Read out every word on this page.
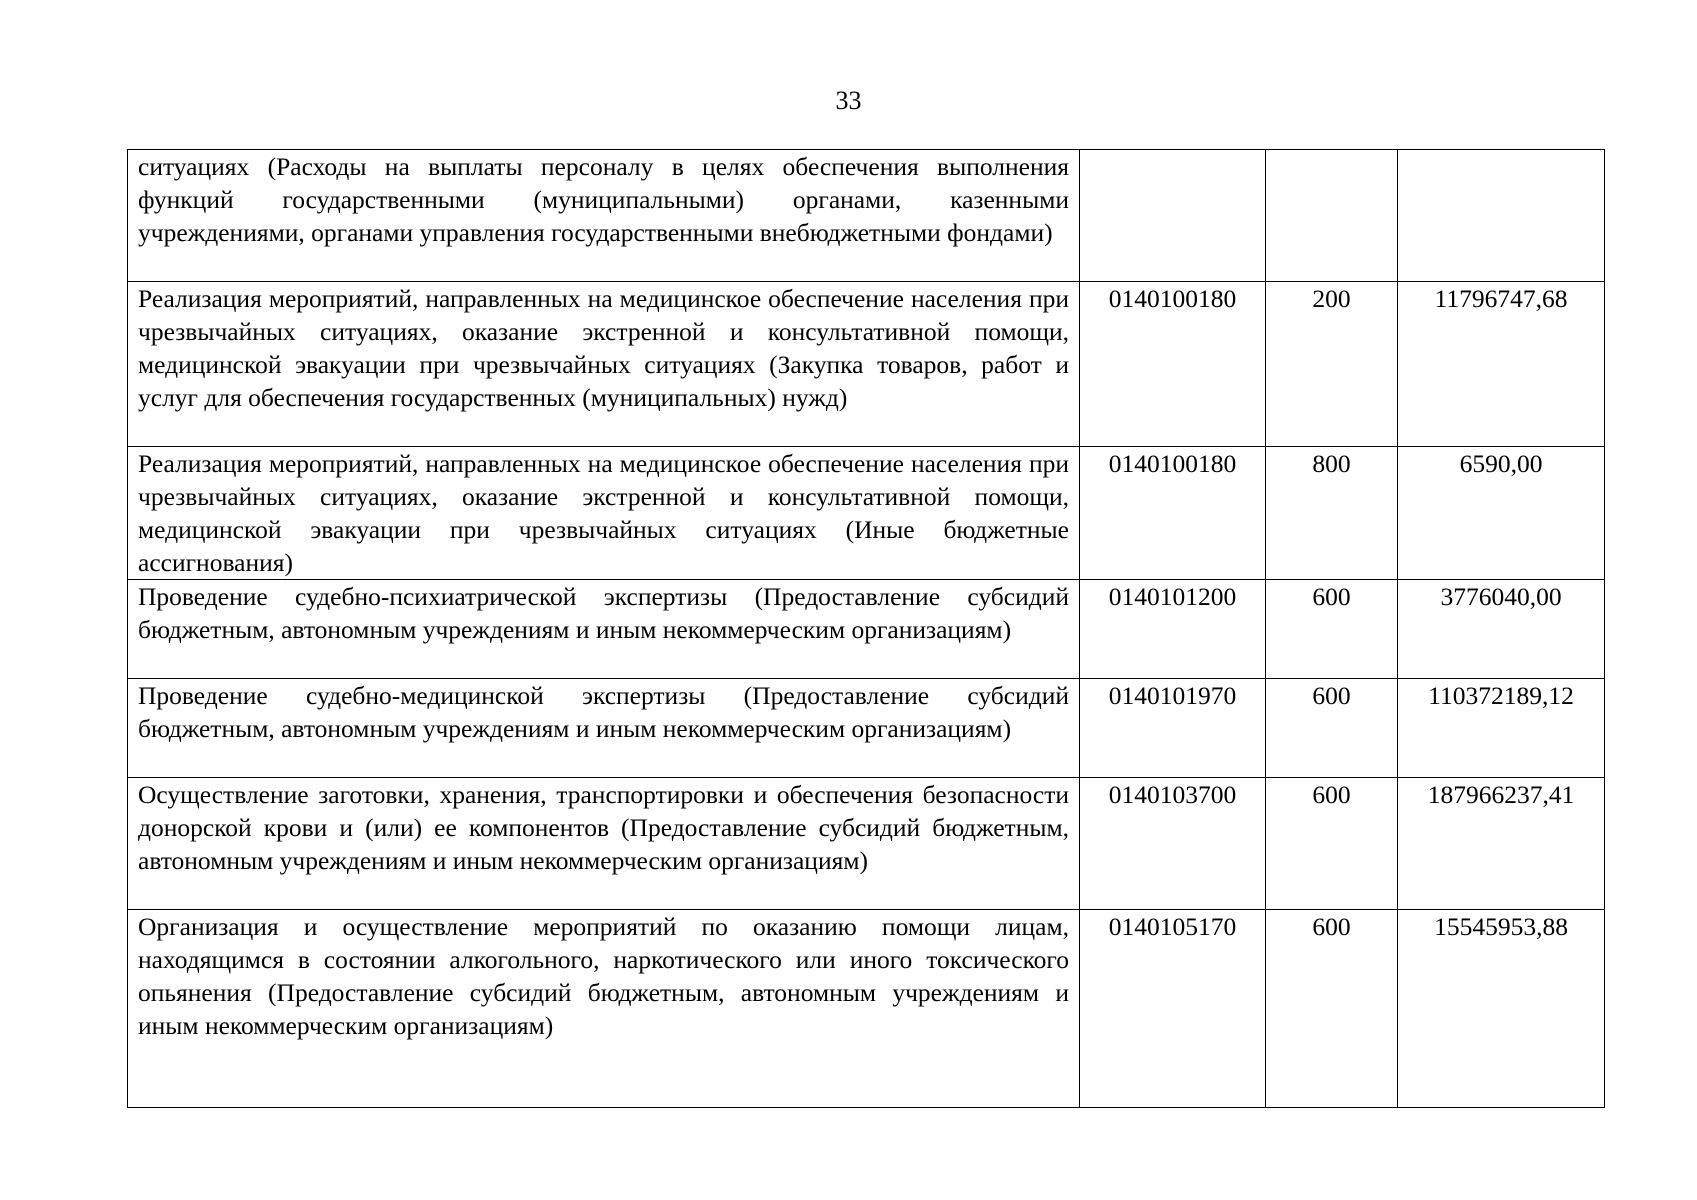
33
ситуациях (Расходы на выплаты персоналу в целях обеспечения выполнения функций государственными (муниципальными) органами, казенными учреждениями, органами управления государственными внебюджетными фондами)			
Реализация мероприятий, направленных на медицинское обеспечение населения при чрезвычайных ситуациях, оказание экстренной и консультативной помощи, медицинской эвакуации при чрезвычайных ситуациях (Закупка товаров, работ и услуг для обеспечения государственных (муниципальных) нужд)	0140100180	200	11796747,68
Реализация мероприятий, направленных на медицинское обеспечение населения при чрезвычайных ситуациях, оказание экстренной и консультативной помощи, медицинской эвакуации при чрезвычайных ситуациях (Иные бюджетные ассигнования)	0140100180	800	6590,00
Проведение судебно-психиатрической экспертизы (Предоставление субсидий бюджетным, автономным учреждениям и иным некоммерческим организациям)	0140101200	600	3776040,00
Проведение судебно-медицинской экспертизы (Предоставление субсидий бюджетным, автономным учреждениям и иным некоммерческим организациям)	0140101970	600	110372189,12
Осуществление заготовки, хранения, транспортировки и обеспечения безопасности донорской крови и (или) ее компонентов (Предоставление субсидий бюджетным, автономным учреждениям и иным некоммерческим организациям)	0140103700	600	187966237,41
Организация и осуществление мероприятий по оказанию помощи лицам, находящимся в состоянии алкогольного, наркотического или иного токсического опьянения (Предоставление субсидий бюджетным, автономным учреждениям и иным некоммерческим организациям)	0140105170	600	15545953,88
